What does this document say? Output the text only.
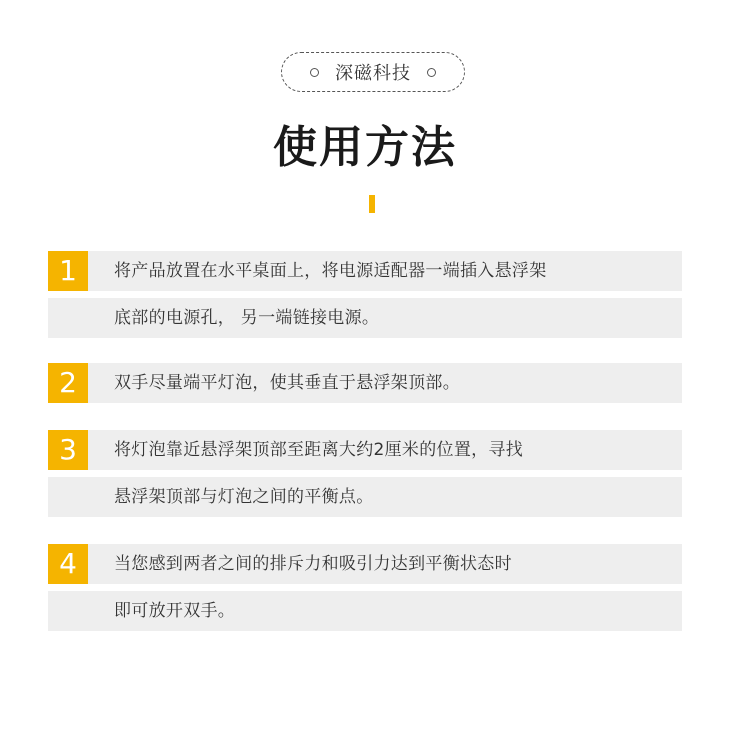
深磁科技
使用方法
1	将产品放置在水平桌面上，将电源适配器一端插入悬浮架
底部的电源孔， 另一端链接电源。
2	双手尽量端平灯泡，使其垂直于悬浮架顶部。
3	将灯泡靠近悬浮架顶部至距离大约2厘米的位置，寻找
悬浮架顶部与灯泡之间的平衡点。
4	当您感到两者之间的排斥力和吸引力达到平衡状态时
即可放开双手。
